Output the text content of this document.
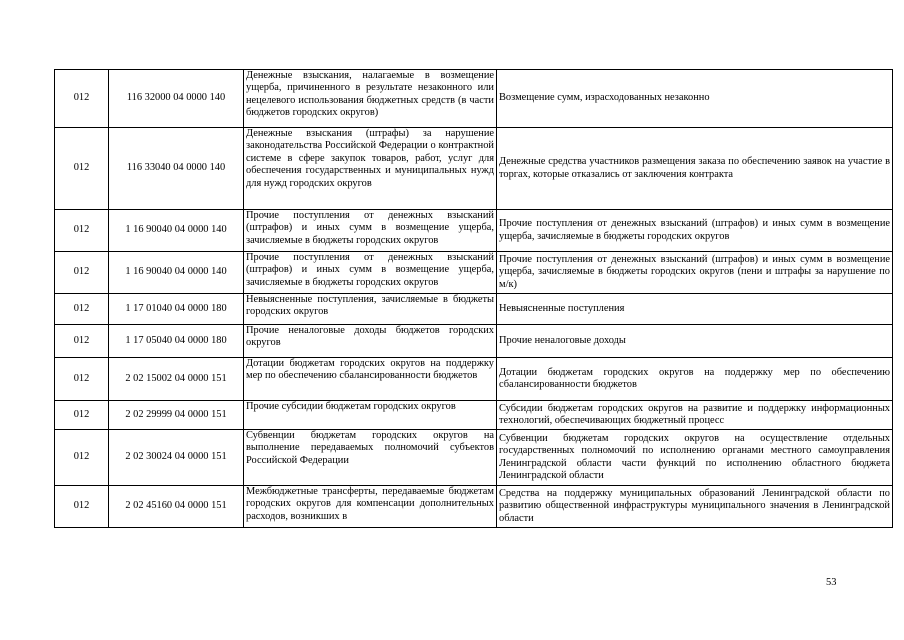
012	116 32000 04 0000 140	Денежные взыскания, налагаемые в возмещение ущерба, причиненного в результате незаконного или нецелевого использования бюджетных средств (в части бюджетов городских округов)	Возмещение сумм, израсходованных незаконно
012	116 33040 04 0000 140	Денежные взыскания (штрафы) за нарушение законодательства Российской Федерации о контрактной системе в сфере закупок товаров, работ, услуг для обеспечения государственных и муниципальных нужд для нужд городских округов	Денежные средства участников размещения заказа по обеспечению заявок на участие в торгах, которые отказались от заключения контракта
012	1 16 90040 04 0000 140	Прочие поступления от денежных взысканий (штрафов) и иных сумм в возмещение ущерба, зачисляемые в бюджеты городских округов	Прочие поступления от денежных взысканий (штрафов) и иных сумм в возмещение ущерба, зачисляемые в бюджеты городских округов
012	1 16 90040 04 0000 140	Прочие поступления от денежных взысканий (штрафов) и иных сумм в возмещение ущерба, зачисляемые в бюджеты городских округов	Прочие поступления от денежных взысканий (штрафов) и иных сумм в возмещение ущерба, зачисляемые в бюджеты городских округов (пени и штрафы за нарушение по м/к)
012	1 17 01040 04 0000 180	Невыясненные поступления, зачисляемые в бюджеты городских округов	Невыясненные поступления
012	1 17 05040 04 0000 180	Прочие неналоговые доходы бюджетов городских округов	Прочие неналоговые доходы
012	2 02 15002 04 0000 151	Дотации бюджетам городских округов на поддержку мер по обеспечению сбалансированности бюджетов	Дотации бюджетам городских округов на поддержку мер по обеспечению сбалансированности бюджетов
012	2 02 29999 04 0000 151	Прочие субсидии бюджетам городских округов	Субсидии бюджетам городских округов на развитие и поддержку информационных технологий, обеспечивающих бюджетный процесс
012	2 02 30024 04 0000 151	Субвенции бюджетам городских округов на выполнение передаваемых полномочий субъектов Российской Федерации	Субвенции бюджетам городских округов на осуществление отдельных государственных полномочий по исполнению органами местного самоуправления Ленинградской области части функций по исполнению областного бюджета Ленинградской области
012	2 02 45160 04 0000 151	Межбюджетные трансферты, передаваемые бюджетам городских округов для компенсации дополнительных расходов, возникших в	Средства на поддержку муниципальных образований Ленинградской области по развитию общественной инфраструктуры муниципального значения в Ленинградской области
53
